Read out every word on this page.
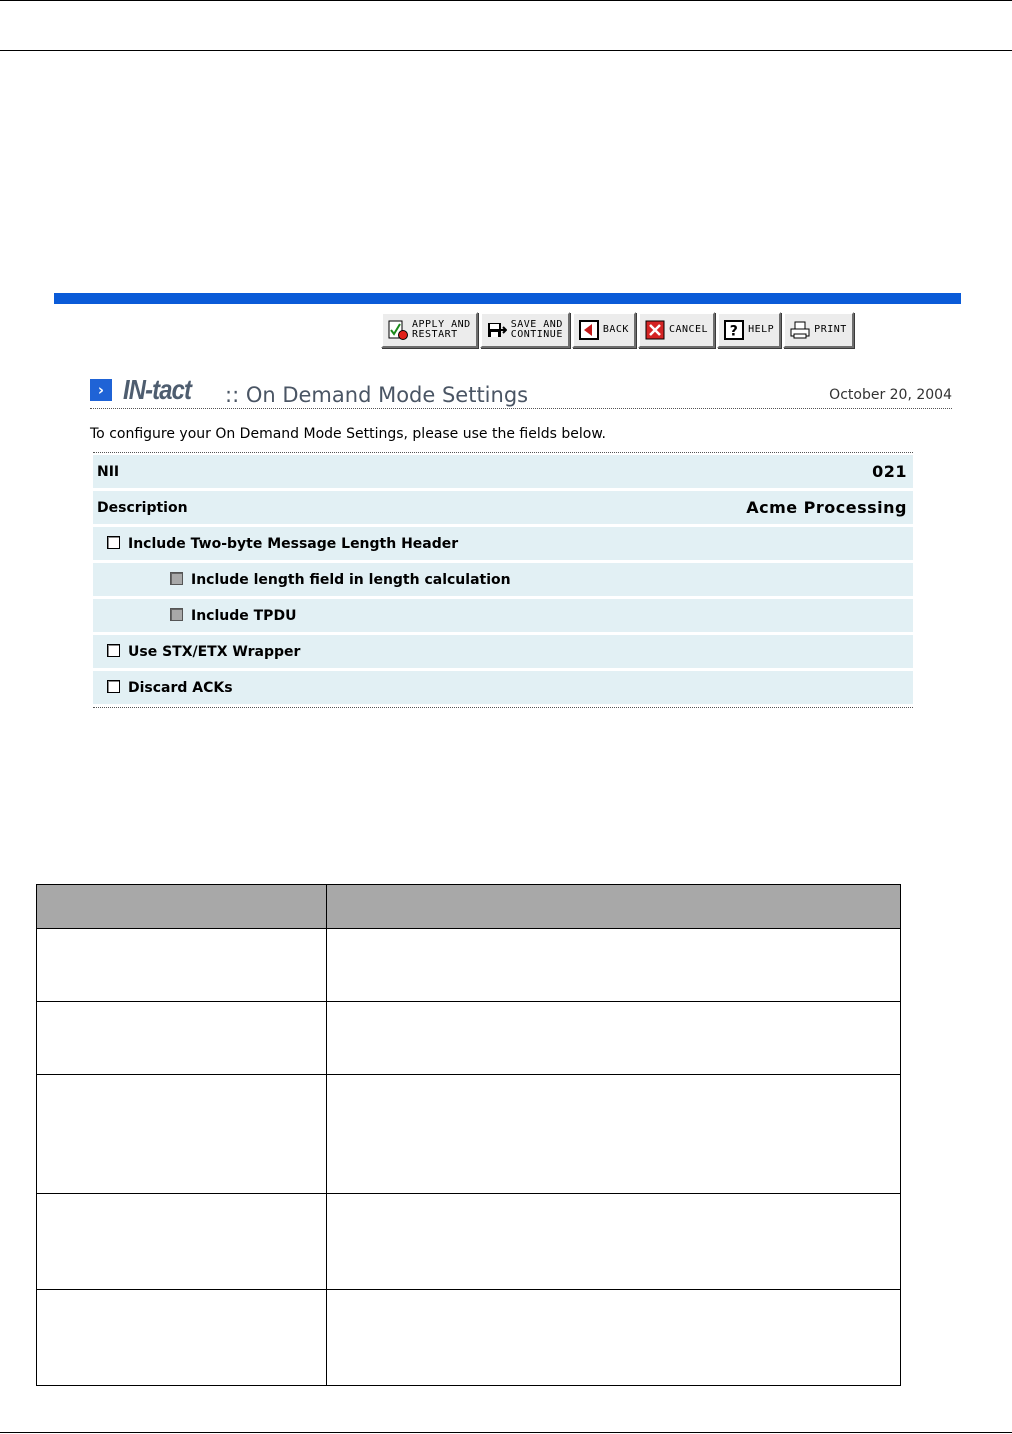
APPLY AND
RESTART
SAVE AND
CONTINUE	BACK	CANCEL ? HELP	PRINT
› IN-tact :: On Demand Mode Settings	October 20, 2004
To configure your On Demand Mode Settings, please use the fields below.
NII	021
Description	Acme Processing
Include Two-byte Message Length Header
Include length field in length calculation
Include TPDU
Use STX/ETX Wrapper
Discard ACKs
